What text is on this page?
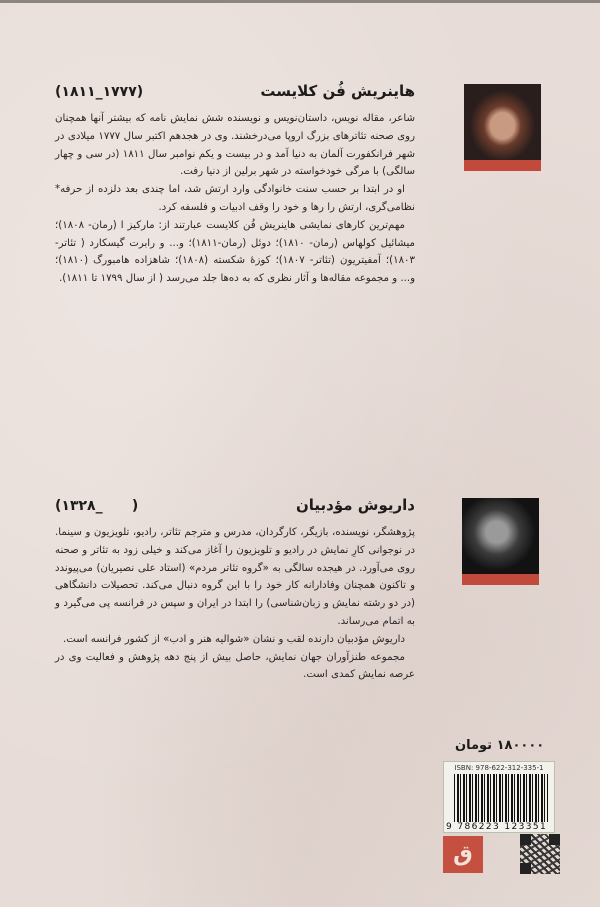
هاینریش فُن کلایست
(۱۸۱۱_۱۷۷۷)

شاعر، مقاله نویس، داستان‌نویس و نویسنده شش نمایش نامه که بیشتر آنها همچنان روی صحنه تئاترهای بزرگ اروپا می‌درخشند. وی در هجدهم اکتبر سال ۱۷۷۷ میلادی در شهر فرانکفورت آلمان به دنیا آمد و در بیست و یکم نوامبر سال ۱۸۱۱ (در سی و چهار سالگی) با مرگی خودخواسته در شهر برلین از دنیا رفت.

او در ابتدا بر حسب سنت خانوادگی وارد ارتش شد، اما چندی بعد دلزده از حرفه* نظامی‌گری، ارتش را رها و خود را وقف ادبیات و فلسفه کرد.

مهم‌ترین کارهای نمایشی هاینریش فُن کلایست عبارتند از: مارکیز ا (رمان- ۱۸۰۸)؛ میشائیل کولهاس (رمان- ۱۸۱۰)؛ دوئل (رمان-۱۸۱۱)؛ و... و رابرت گیسکارد ( تئاتر- ۱۸۰۳)؛ آمفیتریون (تئاتر- ۱۸۰۷)؛ کوزهٔ شکسته (۱۸۰۸)؛ شاهزاده هامبورگ (۱۸۱۰)؛ و... و مجموعه مقاله‌ها و آثار نظری که به ده‌ها جلد می‌رسد ( از سال ۱۷۹۹ تا ۱۸۱۱).

داریوش مؤدبیان
(۱۳۲۸_      )

پژوهشگر، نویسنده، بازیگر، کارگردان، مدرس و مترجم تئاتر، رادیو، تلویزیون و سینما. در نوجوانی کارِ نمایش در رادیو و تلویزیون را آغاز می‌کند و خیلی زود به تئاتر و صحنه روی می‌آورد. در هیجده سالگی به «گروه تئاتر مردم» (استاد علی نصیریان) می‌پیوندد و تاکنون همچنان وفادارانه کار خود را با این گروه دنبال می‌کند. تحصیلات دانشگاهی (در دو رشته نمایش و زبان‌شناسی) را ابتدا در ایران و سپس در فرانسه پی می‌گیرد و به اتمام می‌رساند.

داریوش مؤدبیان دارنده لقب و نشان «شوالیه هنر و ادب» از کشور فرانسه است.

مجموعه طنزآوران جهان نمایش، حاصل بیش از پنج دهه پژوهش و فعالیت وی در عرصه نمایش کمدی است.

۱۸۰۰۰۰ تومان
ISBN: 978-622-312-335-1
9 786223 123351
ق
